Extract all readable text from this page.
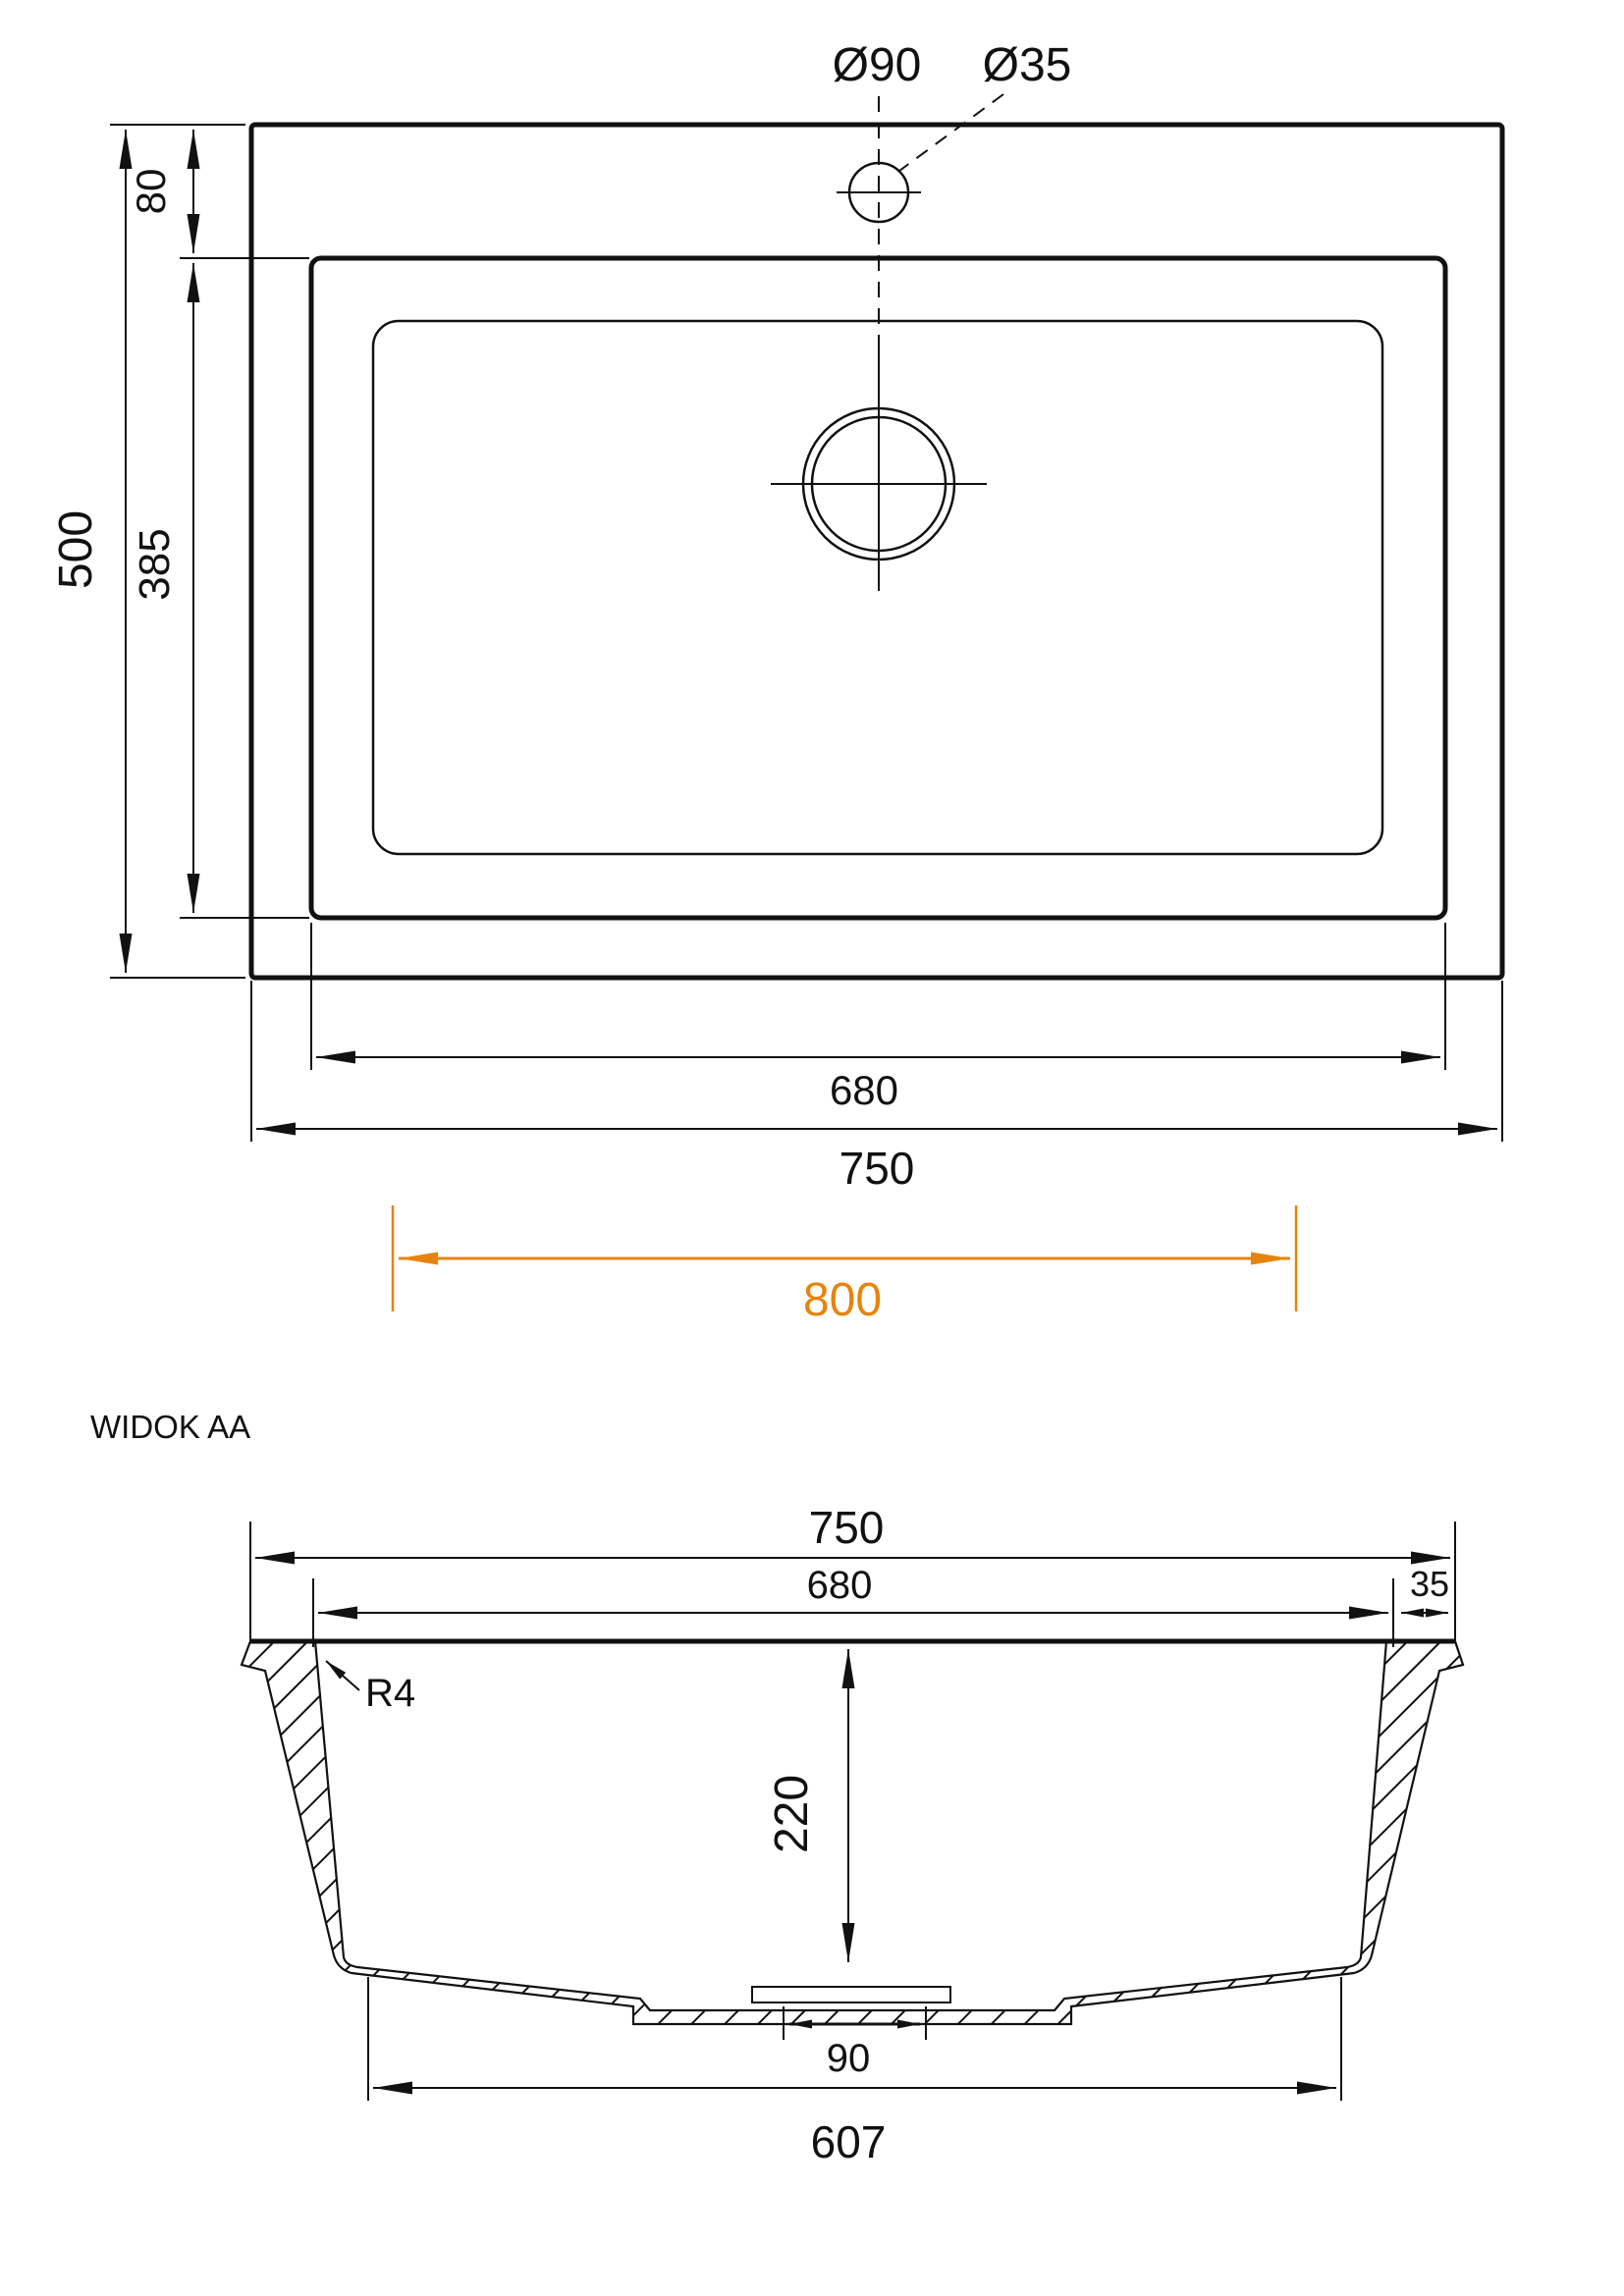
Ø90 Ø35
500
80
385
680
750
800
WIDOK AA
750
680	35
R4
220
90
607
